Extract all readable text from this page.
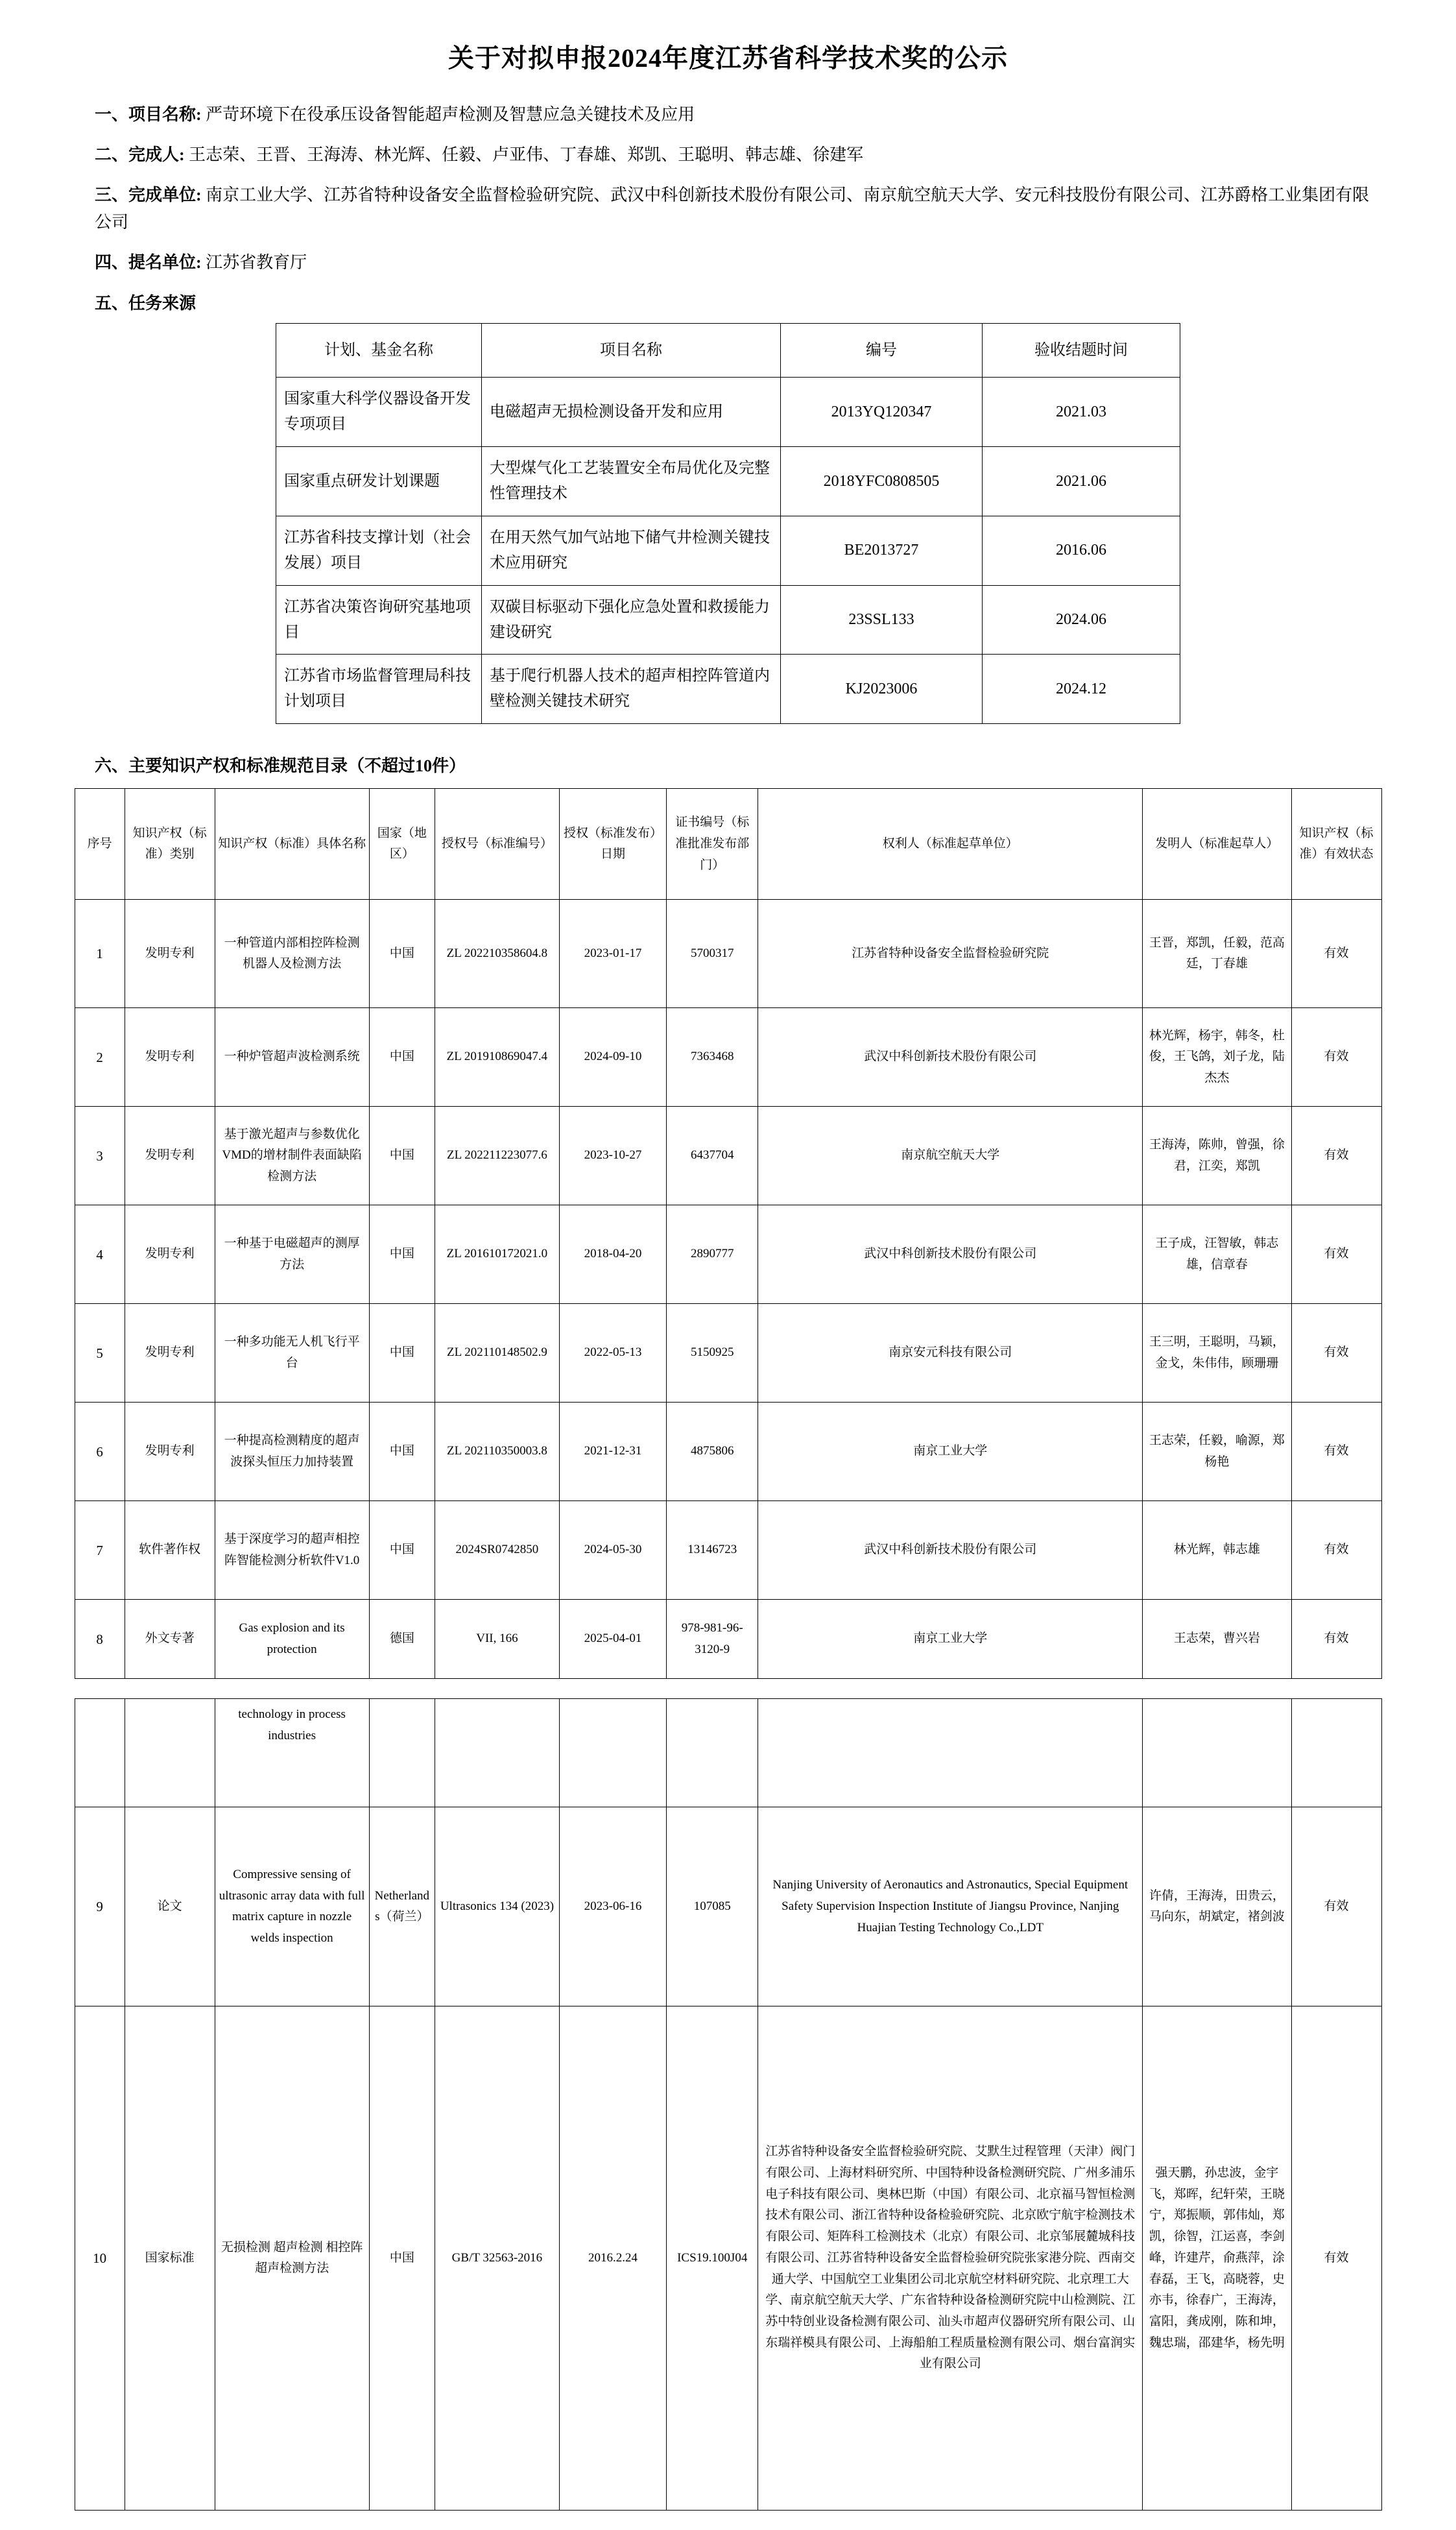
关于对拟申报2024年度江苏省科学技术奖的公示
一、项目名称: 严苛环境下在役承压设备智能超声检测及智慧应急关键技术及应用
二、完成人: 王志荣、王晋、王海涛、林光辉、任毅、卢亚伟、丁春雄、郑凯、王聪明、韩志雄、徐建军
三、完成单位: 南京工业大学、江苏省特种设备安全监督检验研究院、武汉中科创新技术股份有限公司、南京航空航天大学、安元科技股份有限公司、江苏爵格工业集团有限公司
四、提名单位: 江苏省教育厅
五、任务来源
计划、基金名称	项目名称	编号	验收结题时间
国家重大科学仪器设备开发专项项目	电磁超声无损检测设备开发和应用	2013YQ120347	2021.03
国家重点研发计划课题	大型煤气化工艺装置安全布局优化及完整性管理技术	2018YFC0808505	2021.06
江苏省科技支撑计划（社会发展）项目	在用天然气加气站地下储气井检测关键技术应用研究	BE2013727	2016.06
江苏省决策咨询研究基地项目	双碳目标驱动下强化应急处置和救援能力建设研究	23SSL133	2024.06
江苏省市场监督管理局科技计划项目	基于爬行机器人技术的超声相控阵管道内壁检测关键技术研究	KJ2023006	2024.12
六、主要知识产权和标准规范目录（不超过10件）
序号	知识产权（标准）类别	知识产权（标准）具体名称	国家（地区）	授权号（标准编号）	授权（标准发布）日期	证书编号（标准批准发布部门）	权利人（标准起草单位）	发明人（标准起草人）	知识产权（标准）有效状态
1	发明专利	一种管道内部相控阵检测机器人及检测方法	中国	ZL 202210358604.8	2023-01-17	5700317	江苏省特种设备安全监督检验研究院	王晋，郑凯，任毅，范高廷，丁春雄	有效
2	发明专利	一种炉管超声波检测系统	中国	ZL 201910869047.4	2024-09-10	7363468	武汉中科创新技术股份有限公司	林光辉，杨宇，韩冬，杜俊，王飞鸽，刘子龙，陆杰杰	有效
3	发明专利	基于激光超声与参数优化VMD的增材制件表面缺陷检测方法	中国	ZL 202211223077.6	2023-10-27	6437704	南京航空航天大学	王海涛，陈帅，曾强，徐君，江奕，郑凯	有效
4	发明专利	一种基于电磁超声的测厚方法	中国	ZL 201610172021.0	2018-04-20	2890777	武汉中科创新技术股份有限公司	王子成，汪智敏，韩志雄，信章春	有效
5	发明专利	一种多功能无人机飞行平台	中国	ZL 202110148502.9	2022-05-13	5150925	南京安元科技有限公司	王三明，王聪明，马颖，金戈，朱伟伟，顾珊珊	有效
6	发明专利	一种提高检测精度的超声波探头恒压力加持装置	中国	ZL 202110350003.8	2021-12-31	4875806	南京工业大学	王志荣，任毅，喻源，郑杨艳	有效
7	软件著作权	基于深度学习的超声相控阵智能检测分析软件V1.0	中国	2024SR0742850	2024-05-30	13146723	武汉中科创新技术股份有限公司	林光辉，韩志雄	有效
8	外文专著	Gas explosion and its protection	德国	VII, 166	2025-04-01	978-981-96-3120-9	南京工业大学	王志荣，曹兴岩	有效

		technology in process industries							
9	论文	Compressive sensing of ultrasonic array data with full matrix capture in nozzle welds inspection	Netherlands（荷兰）	Ultrasonics 134 (2023)	2023-06-16	107085	Nanjing University of Aeronautics and Astronautics, Special Equipment Safety Supervision Inspection Institute of Jiangsu Province, Nanjing Huajian Testing Technology Co.,LDT	许倩，王海涛，田贵云，马向东，胡斌定，褚剑波	有效
10	国家标准	无损检测 超声检测 相控阵超声检测方法	中国	GB/T 32563-2016	2016.2.24	ICS19.100J04	江苏省特种设备安全监督检验研究院、艾默生过程管理（天津）阀门有限公司、上海材料研究所、中国特种设备检测研究院、广州多浦乐电子科技有限公司、奥林巴斯（中国）有限公司、北京福马智恒检测技术有限公司、浙江省特种设备检验研究院、北京欧宁航宇检测技术有限公司、矩阵科工检测技术（北京）有限公司、北京邹展麓城科技有限公司、江苏省特种设备安全监督检验研究院张家港分院、西南交通大学、中国航空工业集团公司北京航空材料研究院、北京理工大学、南京航空航天大学、广东省特种设备检测研究院中山检测院、江苏中特创业设备检测有限公司、汕头市超声仪器研究所有限公司、山东瑞祥模具有限公司、上海船舶工程质量检测有限公司、烟台富润实业有限公司	强天鹏，孙忠波，金宇飞，郑晖，纪轩荣，王晓宁，郑振顺，郭伟灿，郑凯，徐智，江运喜，李剑峰，许建芹，俞燕萍，涂春磊，王飞，高晓蓉，史亦韦，徐春广，王海涛，富阳，龚成刚，陈和坤，魏忠瑞，邵建华，杨先明	有效
